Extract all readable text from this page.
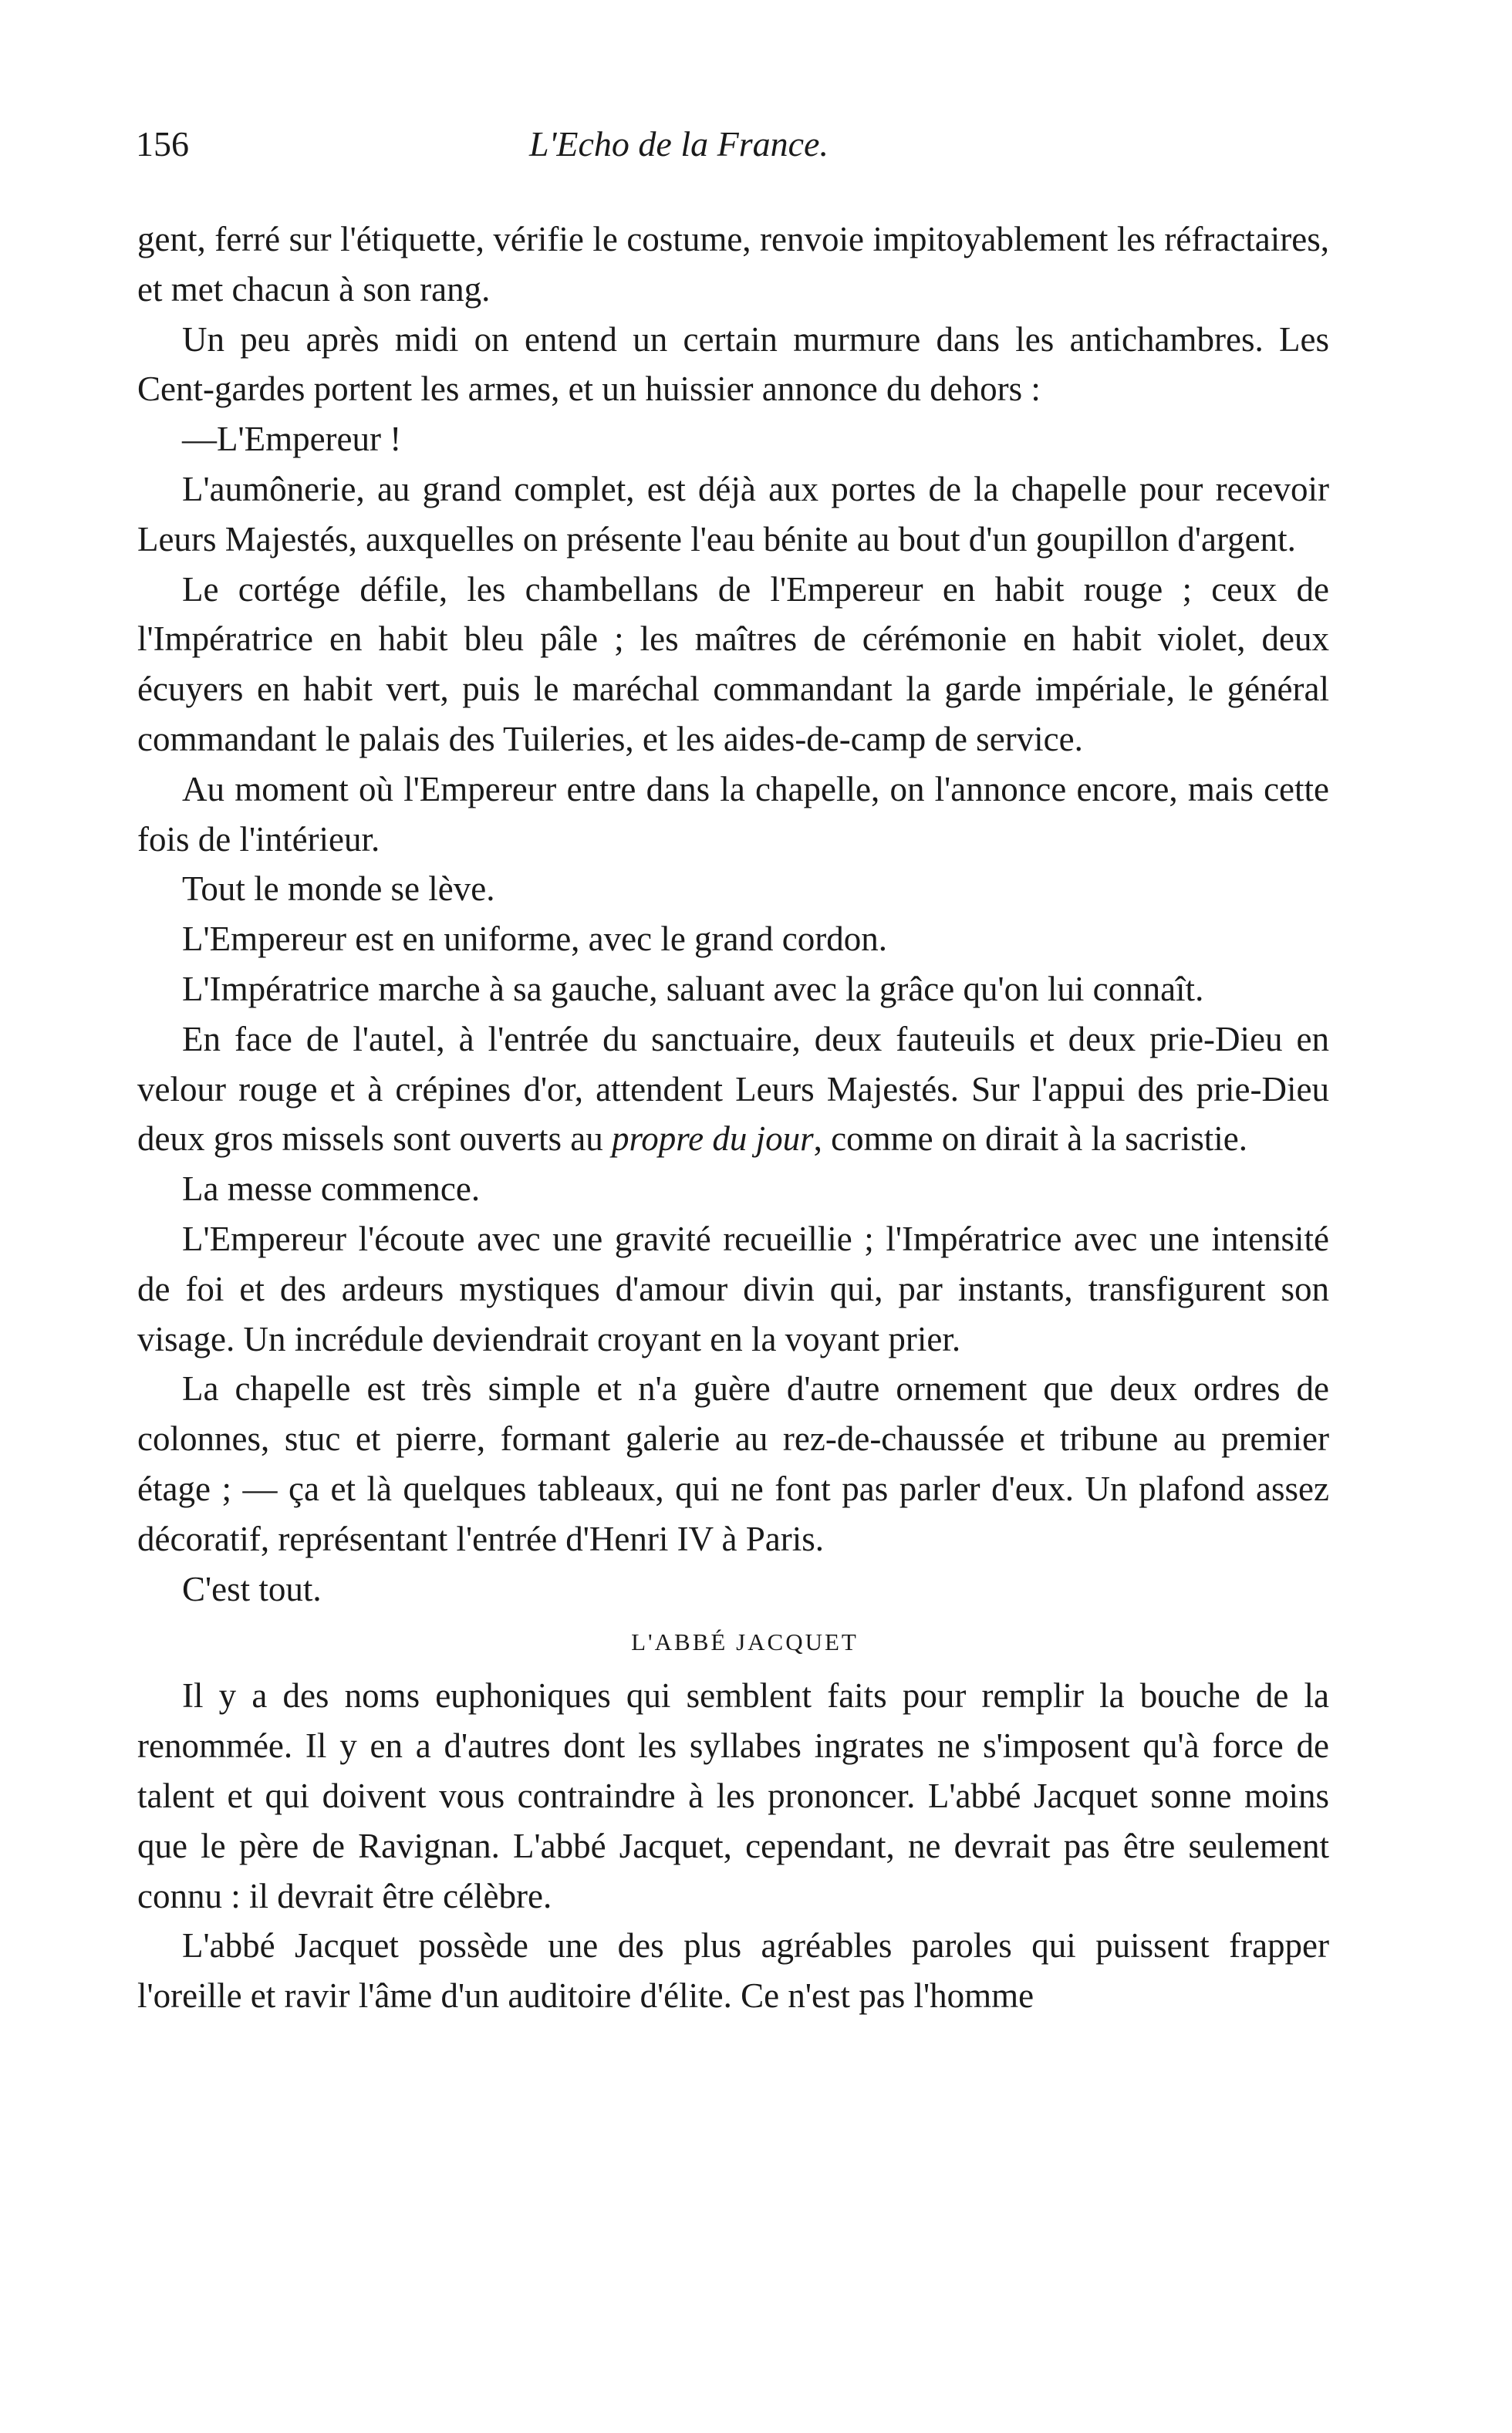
156	L'Echo de la France.

gent, ferré sur l'étiquette, vérifie le costume, renvoie impitoyablement les réfractaires, et met chacun à son rang.

Un peu après midi on entend un certain murmure dans les antichambres. Les Cent-gardes portent les armes, et un huissier annonce du dehors :

—L'Empereur !

L'aumônerie, au grand complet, est déjà aux portes de la chapelle pour recevoir Leurs Majestés, auxquelles on présente l'eau bénite au bout d'un goupillon d'argent.

Le cortége défile, les chambellans de l'Empereur en habit rouge ; ceux de l'Impératrice en habit bleu pâle ; les maîtres de cérémonie en habit violet, deux écuyers en habit vert, puis le maréchal commandant la garde impériale, le général commandant le palais des Tuileries, et les aides-de-camp de service.

Au moment où l'Empereur entre dans la chapelle, on l'annonce encore, mais cette fois de l'intérieur.

Tout le monde se lève.

L'Empereur est en uniforme, avec le grand cordon.

L'Impératrice marche à sa gauche, saluant avec la grâce qu'on lui connaît.

En face de l'autel, à l'entrée du sanctuaire, deux fauteuils et deux prie-Dieu en velour rouge et à crépines d'or, attendent Leurs Majestés. Sur l'appui des prie-Dieu deux gros missels sont ouverts au propre du jour, comme on dirait à la sacristie.

La messe commence.

L'Empereur l'écoute avec une gravité recueillie ; l'Impératrice avec une intensité de foi et des ardeurs mystiques d'amour divin qui, par instants, transfigurent son visage. Un incrédule deviendrait croyant en la voyant prier.

La chapelle est très simple et n'a guère d'autre ornement que deux ordres de colonnes, stuc et pierre, formant galerie au rez-de-chaussée et tribune au premier étage ; — ça et là quelques tableaux, qui ne font pas parler d'eux. Un plafond assez décoratif, représentant l'entrée d'Henri IV à Paris.

C'est tout.

L'ABBÉ JACQUET

Il y a des noms euphoniques qui semblent faits pour remplir la bouche de la renommée. Il y en a d'autres dont les syllabes ingrates ne s'imposent qu'à force de talent et qui doivent vous contraindre à les prononcer. L'abbé Jacquet sonne moins que le père de Ravignan. L'abbé Jacquet, cependant, ne devrait pas être seulement connu : il devrait être célèbre.

L'abbé Jacquet possède une des plus agréables paroles qui puissent frapper l'oreille et ravir l'âme d'un auditoire d'élite. Ce n'est pas l'homme
